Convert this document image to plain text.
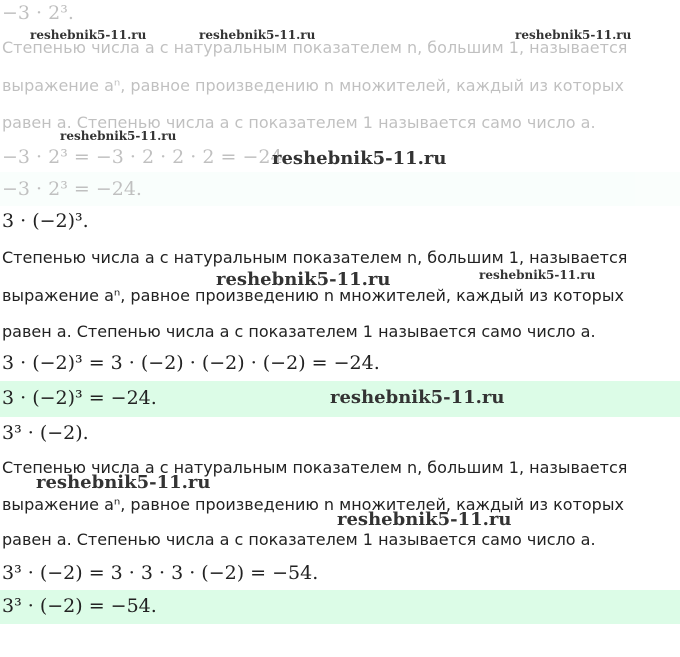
−3 · 2³.
Степенью числа a с натуральным показателем n, большим 1, называется
выражение aⁿ, равное произведению n множителей, каждый из которых
равен a. Степенью числа a с показателем 1 называется само число a.
−3 · 2³ = −3 · 2 · 2 · 2 = −24.
−3 · 2³ = −24.
3 · (−2)³.
Степенью числа a с натуральным показателем n, большим 1, называется
выражение aⁿ, равное произведению n множителей, каждый из которых
равен a. Степенью числа a с показателем 1 называется само число a.
3 · (−2)³ = 3 · (−2) · (−2) · (−2) = −24.
3 · (−2)³ = −24.
3³ · (−2).
Степенью числа a с натуральным показателем n, большим 1, называется
выражение aⁿ, равное произведению n множителей, каждый из которых
равен a. Степенью числа a с показателем 1 называется само число a.
3³ · (−2) = 3 · 3 · 3 · (−2) = −54.
3³ · (−2) = −54.
reshebnik5-11.ru	reshebnik5-11.ru	reshebnik5-11.ru
reshebnik5-11.ru
reshebnik5-11.ru
reshebnik5-11.ru	reshebnik5-11.ru
reshebnik5-11.ru
reshebnik5-11.ru
reshebnik5-11.ru
